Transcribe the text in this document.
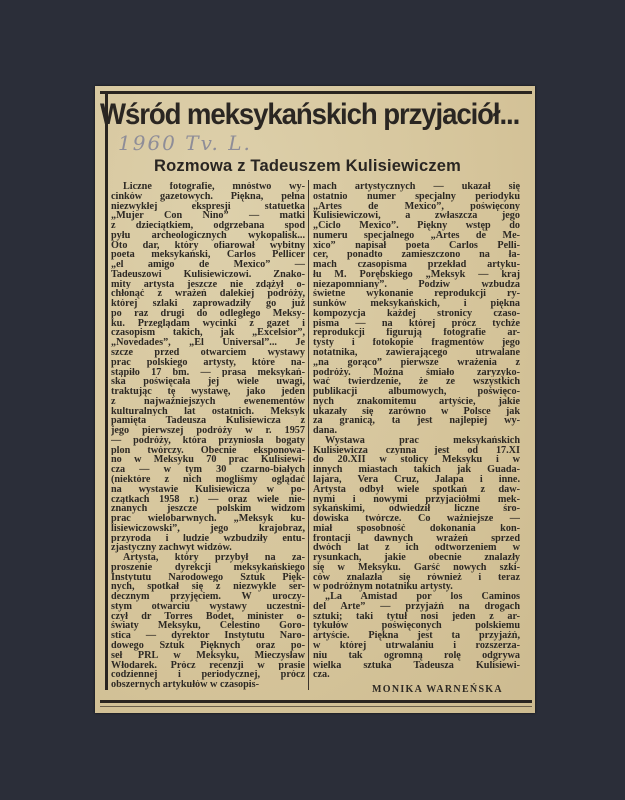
Wśród meksykańskich przyjaciół...
1960 Tv. L.
Rozmowa z Tadeuszem Kulisiewiczem
Liczne fotografie, mnóstwo wy-
cinków gazetowych. Piękna, pełna
niezwykłej ekspresji statuetka
„Mujer Con Nino” — matki
z dzieciątkiem, odgrzebana spod
pyłu archeologicznych wykopalisk...
Oto dar, który ofiarował wybitny
poeta meksykański, Carlos Pellicer
„el amigo de Mexico” —
Tadeuszowi Kulisiewiczowi. Znako-
mity artysta jeszcze nie zdążył o-
chłonąć z wrażeń dalekiej podróży,
której szlaki zaprowadziły go już
po raz drugi do odległego Meksy-
ku. Przeglądam wycinki z gazet i
czasopism takich, jak „Excelsior”,
„Novedades”, „El Universal”... Je
szcze przed otwarciem wystawy
prac polskiego artysty, które na-
stąpiło 17 bm. — prasa meksykań-
ska poświęcała jej wiele uwagi,
traktując tę wystawę, jako jeden
z najważniejszych ewenementów
kulturalnych lat ostatnich. Meksyk
pamięta Tadeusza Kulisiewicza z
jego pierwszej podróży w r. 1957
— podróży, która przyniosła bogaty
plon twórczy. Obecnie eksponowa-
no w Meksyku 70 prac Kulisiewi-
cza — w tym 30 czarno-białych
(niektóre z nich mogliśmy oglądać
na wystawie Kulisiewicza w po-
czątkach 1958 r.) — oraz wiele nie-
znanych jeszcze polskim widzom
prac wielobarwnych. „Meksyk ku-
lisiewiczowski”, jego krajobraz,
przyroda i ludzie wzbudziły entu-
zjastyczny zachwyt widzów.
Artysta, który przybył na za-
proszenie dyrekcji meksykańskiego
Instytutu Narodowego Sztuk Pięk-
nych, spotkał się z niezwykle ser-
decznym przyjęciem. W uroczy-
stym otwarciu wystawy uczestni-
czył dr Torres Bodet, minister o-
światy Meksyku, Celestino Goro-
stica — dyrektor Instytutu Naro-
dowego Sztuk Pięknych oraz po-
seł PRL w Meksyku, Mieczysław
Włodarek. Prócz recenzji w prasie
codziennej i periodycznej, prócz
obszernych artykułów w czasopis-
mach artystycznych — ukazał się
ostatnio numer specjalny periodyku
„Artes de Mexico”, poświęcony
Kulisiewiczowi, a zwłaszcza jego
„Ciclo Mexico”. Piękny wstęp do
numeru specjalnego „Artes de Me-
xico” napisał poeta Carlos Pelli-
cer, ponadto zamieszczono na ła-
mach czasopisma przekład artyku-
łu M. Porębskiego „Meksyk — kraj
niezapomniany”. Podziw wzbudza
świetne wykonanie reprodukcji ry-
sunków meksykańskich, i piękna
kompozycja każdej stronicy czaso-
pisma — na której prócz tychże
reprodukcji figurują fotografie ar-
tysty i fotokopie fragmentów jego
notatnika, zawierającego utrwalane
„na gorąco” pierwsze wrażenia z
podróży. Można śmiało zaryzyko-
wać twierdzenie, że ze wszystkich
publikacji albumowych, poświęco-
nych znakomitemu artyście, jakie
ukazały się zarówno w Polsce jak
za granicą, ta jest najlepiej wy-
dana.
Wystawa prac meksykańskich
Kulisiewicza czynna jest od 17.XI
do 20.XII w stolicy Meksyku i w
innych miastach takich jak Guada-
lajara, Vera Cruz, Jalapa i inne.
Artysta odbył wiele spotkań z daw-
nymi i nowymi przyjaciółmi mek-
sykańskimi, odwiedził liczne śro-
dowiska twórcze. Co ważniejsze —
miał sposobność dokonania kon-
frontacji dawnych wrażeń sprzed
dwóch lat z ich odtworzeniem w
rysunkach, jakie obecnie znalazły
się w Meksyku. Garść nowych szki-
ców znalazła się również i teraz
w podróżnym notatniku artysty.
„La Amistad por los Caminos
del Arte” — przyjaźń na drogach
sztuki; taki tytuł nosi jeden z ar-
tykułów poświęconych polskiemu
artyście. Piękna jest ta przyjaźń,
w której utrwalaniu i rozszerza-
niu tak ogromną rolę odgrywa
wielka sztuka Tadeusza Kulisiewi-
cza.
MONIKA WARNEŃSKA
